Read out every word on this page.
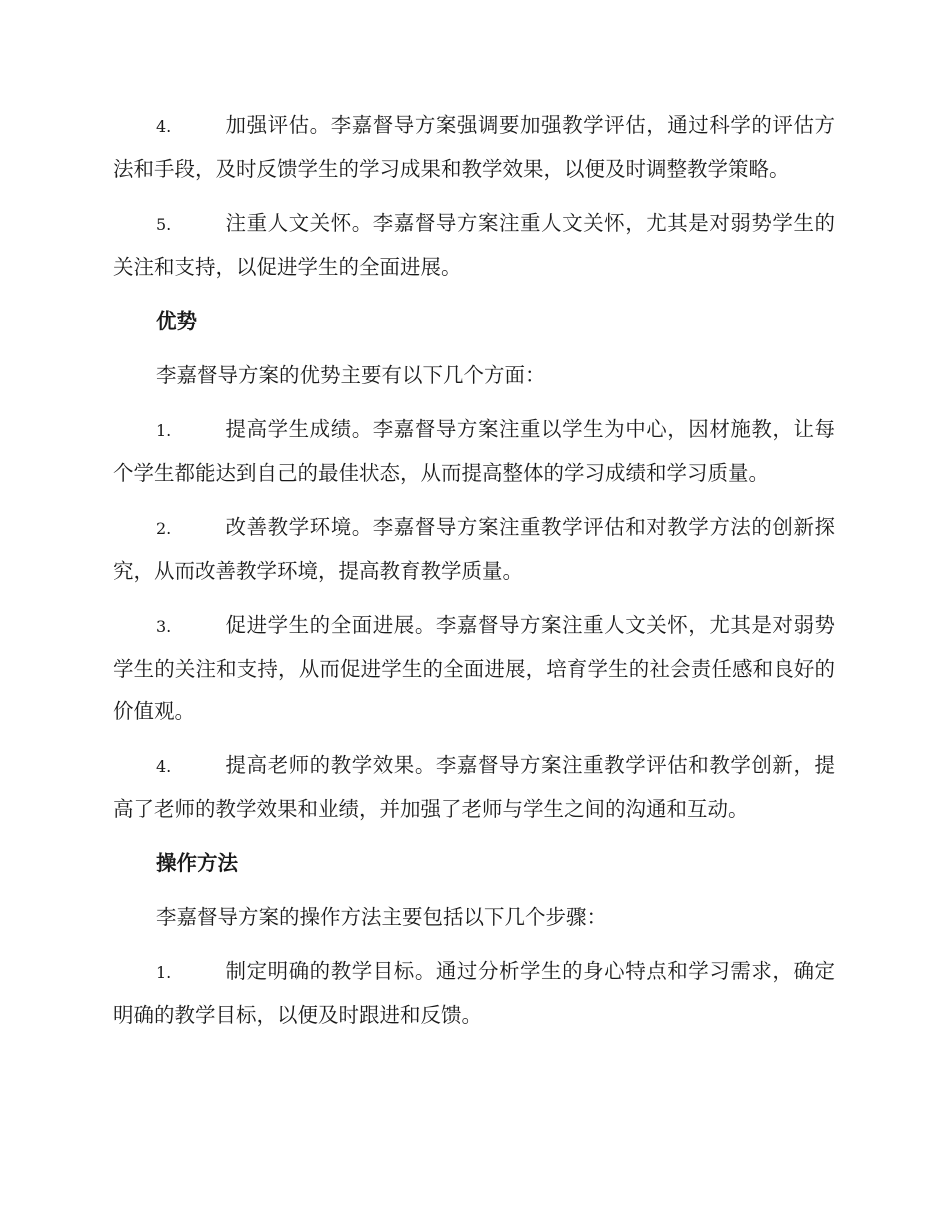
4.	加强评估。李嘉督导方案强调要加强教学评估，通过科学的评估方法和手段，及时反馈学生的学习成果和教学效果，以便及时调整教学策略。

5.	注重人文关怀。李嘉督导方案注重人文关怀，尤其是对弱势学生的关注和支持，以促进学生的全面进展。

优势

李嘉督导方案的优势主要有以下几个方面：

1.	提高学生成绩。李嘉督导方案注重以学生为中心，因材施教，让每个学生都能达到自己的最佳状态，从而提高整体的学习成绩和学习质量。

2.	改善教学环境。李嘉督导方案注重教学评估和对教学方法的创新探究，从而改善教学环境，提高教育教学质量。

3.	促进学生的全面进展。李嘉督导方案注重人文关怀，尤其是对弱势学生的关注和支持，从而促进学生的全面进展，培育学生的社会责任感和良好的价值观。

4.	提高老师的教学效果。李嘉督导方案注重教学评估和教学创新，提高了老师的教学效果和业绩，并加强了老师与学生之间的沟通和互动。

操作方法

李嘉督导方案的操作方法主要包括以下几个步骤：

1.	制定明确的教学目标。通过分析学生的身心特点和学习需求，确定明确的教学目标，以便及时跟进和反馈。
